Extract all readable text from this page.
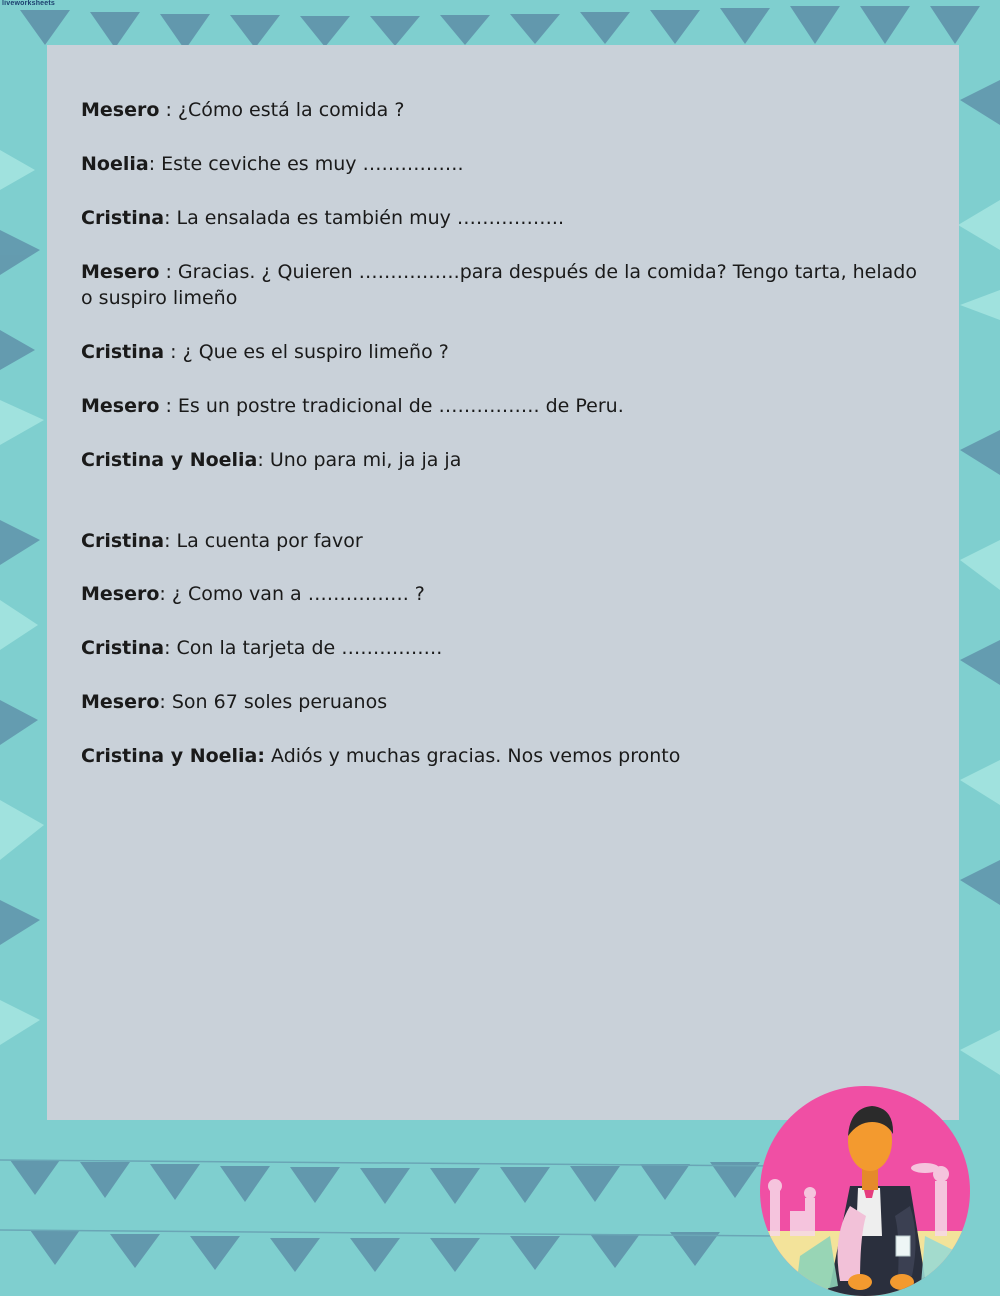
liveworksheets
Mesero : ¿Cómo está la comida ?
Noelia: Este ceviche es muy …………….
Cristina: La ensalada es también muy ……………..
Mesero : Gracias. ¿ Quieren …………….para después de la comida? Tengo tarta, helado o suspiro limeño
Cristina : ¿ Que es el suspiro limeño ?
Mesero : Es un postre tradicional de ……………. de Peru.
Cristina y Noelia: Uno para mi, ja ja ja
Cristina: La cuenta por favor
Mesero: ¿ Como van a ……………. ?
Cristina: Con la tarjeta de …………….
Mesero: Son 67 soles peruanos
Cristina y Noelia: Adiós y muchas gracias. Nos vemos pronto
